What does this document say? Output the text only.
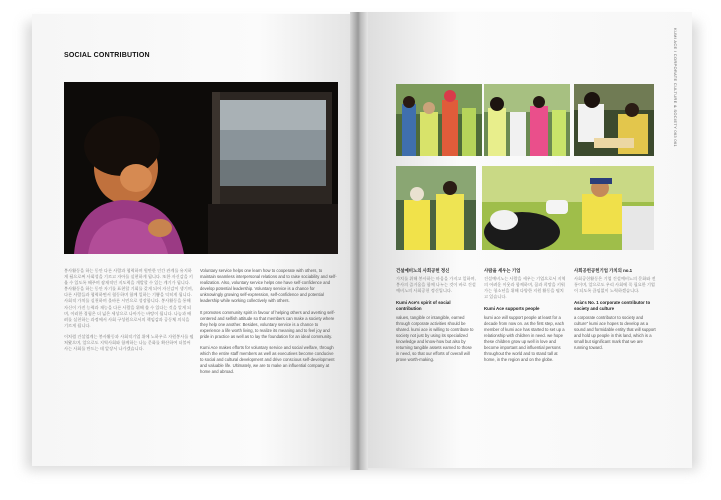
SOCIAL CONTRIBUTION

봉사활동을 하는 동안 다른 사람과 협력하며 원만한 인간 관계를 유지하게 됨으로써 사회성을 기르고 자아를 실현하게 됩니다. 또한 자신감을 키울 수 있도록 해주며 잠재적인 지도력을 개발할 수 있는 계기가 됩니다. 봉사활동을 하는 동안 자기를 표현할 기회를 갖게 되어 자신감이 생기며, 다른 사람들과 협력하면서 협동하며 함께 일하는 기쁨을 익히게 됩니다. 사회적 가치를 실천하며 올바른 시민으로 성장합니다. 봉사활동을 통해 자신이 가진 능력과 재능을 다른 사람을 위해 쓸 수 있다는 것을 알게 되며, 이러한 경험은 더 넓은 세상으로 나아가는 바탕이 됩니다. 나눔과 배려를 실천하는 과정에서 사회 구성원으로서의 책임감과 공동체 의식을 기르게 됩니다.

이처럼 건설업계는 봉사활동과 사회적기업 위에 노하우로 자원봉사를 펼쳐왔으며, 앞으로도 지역사회와 함께하는 나눔 문화를 확산하여 더불어 사는 사회를 만드는 데 앞장서 나가겠습니다.

Voluntary service helps one learn how to cooperate with others, to maintain seamless interpersonal relations and to raise sociability and self-realization. Also, voluntary service helps one have self-confidence and develop potential leadership. Voluntary service is a chance for unknowingly growing self-expression, self-confidence and potential leadership while working collectively with others.

It promotes community spirit in favour of helping others and averting self-centered and selfish attitude so that members can make a society where they help one another. Besides, voluntary service is a chance to experience a life worth living, to realize its meaning and to feel joy and pride in practice as well as to lay the foundation for an ideal community.

Kumi Ace makes efforts for voluntary service and social welfare, through which the entire staff members as well as executives become conducive to social and cultural development and drive conscious self-development and valuable life. Ultimately, we are to make an influential company at home and abroad.

KUMI ACE / CORPORATE CULTURE & SOCIETY 063 061
건설예비노의 사회공헌 정신

가치를 위해 봉사하는 마음을 가지고 일하며, 봉사의 즐거움을 함께 나누는 것이 바로 건설예비노의 사회공헌 정신입니다.

Kumi Ace's spirit of social contribution

values, tangible or intangible, earned through corporate activities should be shared. kumi ace is willing to contribute to society not just by using its specialized knowledge and know-how but also by returning tangible assets earned to those in need, so that our efforts of overall will prove worth-making.

사람을 세우는 기업

건설예비노는 사람을 세우는 기업으로서 지역의 어려운 이웃과 함께하며, 꿈과 희망을 키워 가는 청소년을 위해 다양한 지원 활동을 펼치고 있습니다.

Kumi Ace supports people

kumi ace will support people at least for a decade from now on. as the first step, each member of kumi ace has started to set up a relationship with children in need. we hope these children grow up well in love and become important and influential persons throughout the world and to stand tall at home, in the region and on the globe.

사회공헌공헌기업 가치의 no.1

사회공헌활동은 기업 건설예비노의 문화와 전통이며, 앞으로도 우리 사회에 꼭 필요한 기업이 되도록 끊임없이 노력하겠습니다.

Asia's No. 1 corporate contributor to society and culture

a corporate contributor to society and culture" kumi ace hopes to develop as a sound and formidable entity that will support and hold up people in this land, which is a small but significant mark that we are running toward.
